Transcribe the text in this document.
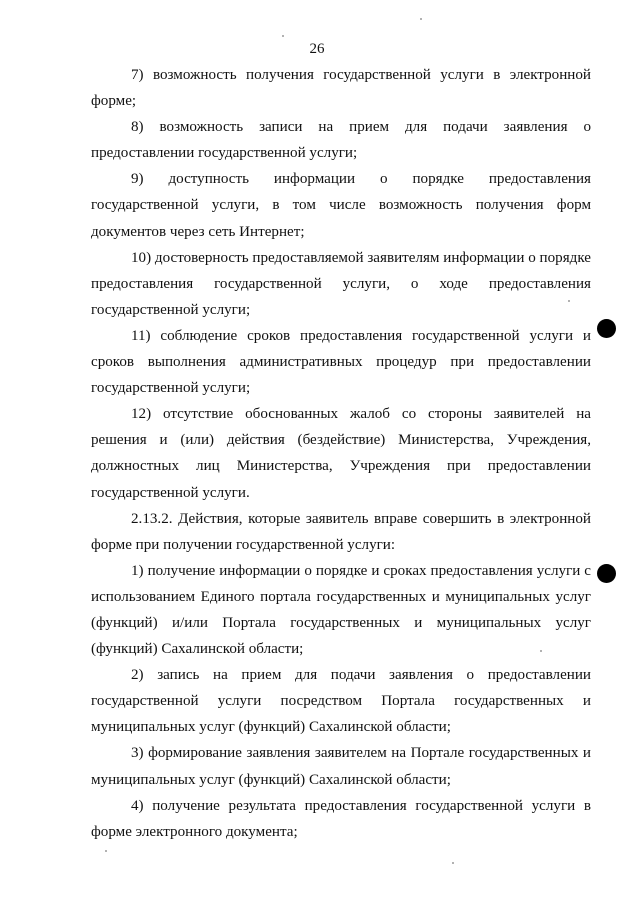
26

7) возможность получения государственной услуги в электронной форме;

8) возможность записи на прием для подачи заявления о предоставлении государственной услуги;

9) доступность информации о порядке предоставления государственной услуги, в том числе возможность получения форм документов через сеть Интернет;

10) достоверность предоставляемой заявителям информации о порядке предоставления государственной услуги, о ходе предоставления государственной услуги;

11) соблюдение сроков предоставления государственной услуги и сроков выполнения административных процедур при предоставлении государственной услуги;

12) отсутствие обоснованных жалоб со стороны заявителей на решения и (или) действия (бездействие) Министерства, Учреждения, должностных лиц Министерства, Учреждения при предоставлении государственной услуги.

2.13.2. Действия, которые заявитель вправе совершить в электронной форме при получении государственной услуги:

1) получение информации о порядке и сроках предоставления услуги с использованием Единого портала государственных и муниципальных услуг (функций) и/или Портала государственных и муниципальных услуг (функций) Сахалинской области;

2) запись на прием для подачи заявления о предоставлении государственной услуги посредством Портала государственных и муниципальных услуг (функций) Сахалинской области;

3) формирование заявления заявителем на Портале государственных и муниципальных услуг (функций) Сахалинской области;

4) получение результата предоставления государственной услуги в форме электронного документа;
